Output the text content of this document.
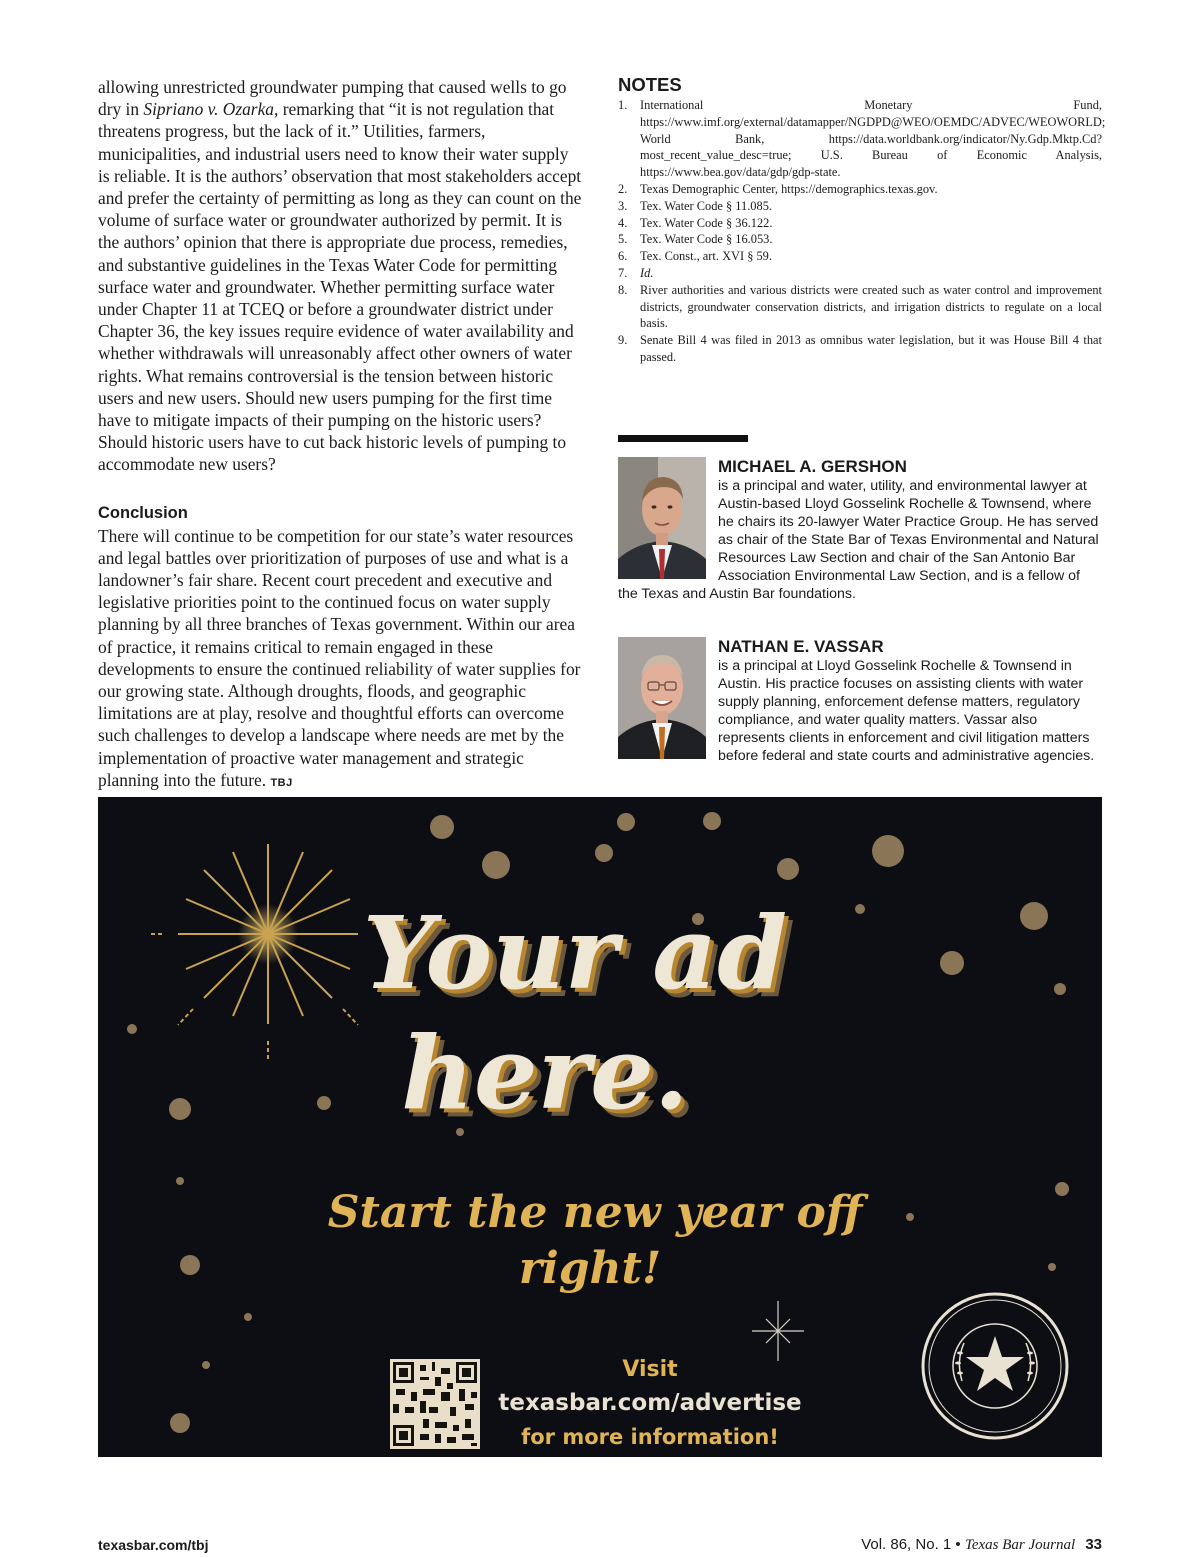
allowing unrestricted groundwater pumping that caused wells to go dry in Sipriano v. Ozarka, remarking that “it is not regulation that threatens progress, but the lack of it.” Utilities, farmers, municipalities, and industrial users need to know their water supply is reliable. It is the authors’ observation that most stakeholders accept and prefer the certainty of permitting as long as they can count on the volume of surface water or groundwater authorized by permit. It is the authors’ opinion that there is appropriate due process, remedies, and substantive guidelines in the Texas Water Code for permitting surface water and groundwater. Whether permitting surface water under Chapter 11 at TCEQ or before a groundwater district under Chapter 36, the key issues require evidence of water availability and whether withdrawals will unreasonably affect other owners of water rights. What remains controversial is the tension between historic users and new users. Should new users pumping for the first time have to mitigate impacts of their pumping on the historic users? Should historic users have to cut back historic levels of pumping to accommodate new users?

Conclusion

There will continue to be competition for our state’s water resources and legal battles over prioritization of purposes of use and what is a landowner’s fair share. Recent court precedent and executive and legislative priorities point to the continued focus on water supply planning by all three branches of Texas government. Within our area of practice, it remains critical to remain engaged in these developments to ensure the continued reliability of water supplies for our growing state. Although droughts, floods, and geographic limitations are at play, resolve and thoughtful efforts can overcome such challenges to develop a landscape where needs are met by the implementation of proactive water management and strategic planning into the future. TBJ

NOTES
1. International Monetary Fund, https://www.imf.org/external/datamapper/NGDPD@WEO/OEMDC/ADVEC/WEOWORLD; World Bank, https://data.worldbank.org/indicator/Ny.Gdp.Mktp.Cd?most_recent_value_desc=true; U.S. Bureau of Economic Analysis, https://www.bea.gov/data/gdp/gdp-state.
2. Texas Demographic Center, https://demographics.texas.gov.
3. Tex. Water Code § 11.085.
4. Tex. Water Code § 36.122.
5. Tex. Water Code § 16.053.
6. Tex. Const., art. XVI § 59.
7. Id.
8. River authorities and various districts were created such as water control and improvement districts, groundwater conservation districts, and irrigation districts to regulate on a local basis.
9. Senate Bill 4 was filed in 2013 as omnibus water legislation, but it was House Bill 4 that passed.
MICHAEL A. GERSHON

is a principal and water, utility, and environmental lawyer at Austin-based Lloyd Gosselink Rochelle & Townsend, where he chairs its 20-lawyer Water Practice Group. He has served as chair of the State Bar of Texas Environmental and Natural Resources Law Section and chair of the San Antonio Bar Association Environmental Law Section, and is a fellow of the Texas and Austin Bar foundations.

NATHAN E. VASSAR

is a principal at Lloyd Gosselink Rochelle & Townsend in Austin. His practice focuses on assisting clients with water supply planning, enforcement defense matters, regulatory compliance, and water quality matters. Vassar also represents clients in enforcement and civil litigation matters before federal and state courts and administrative agencies.

Your ad
here.
Start the new year off
right!
Visit
texasbar.com/advertise
for more information!
texasbar.com/tbj	Vol. 86, No. 1 • Texas Bar Journal 33
